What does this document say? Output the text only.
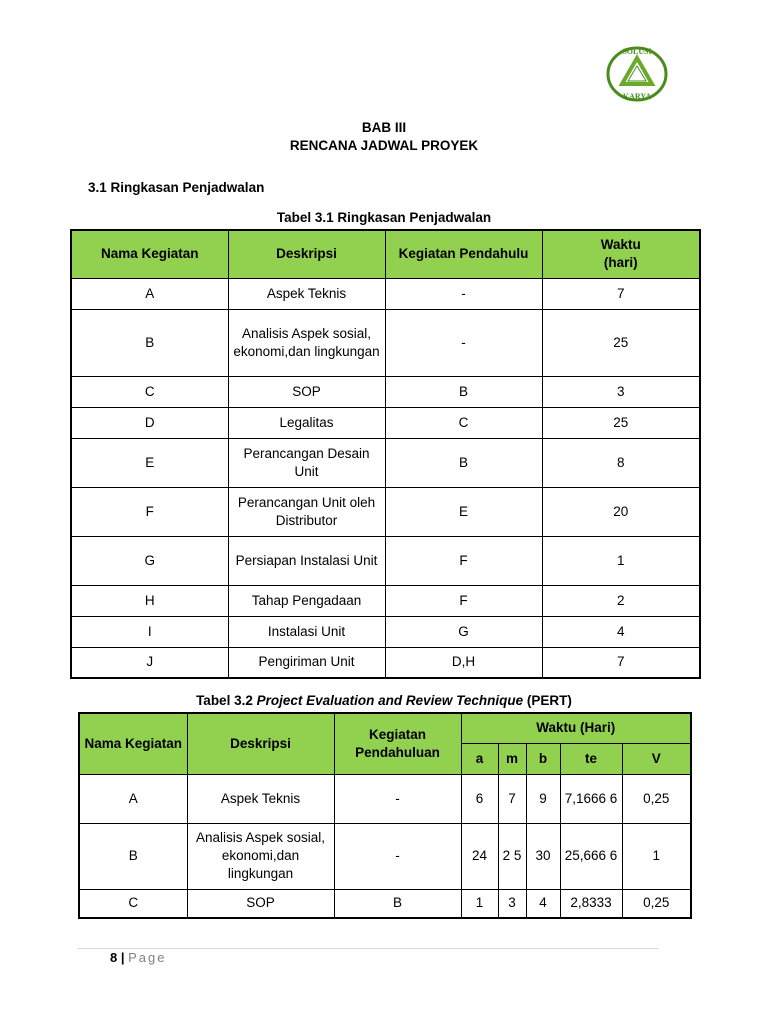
SOLUSI
KARYA
BAB III
RENCANA JADWAL PROYEK
3.1 Ringkasan Penjadwalan
Tabel 3.1 Ringkasan Penjadwalan
Nama Kegiatan	Deskripsi	Kegiatan Pendahulu	Waktu
(hari)
A	Aspek Teknis	-	7
B	Analisis Aspek sosial, ekonomi,dan lingkungan	-	25
C	SOP	B	3
D	Legalitas	C	25
E	Perancangan Desain Unit	B	8
F	Perancangan Unit oleh Distributor	E	20
G	Persiapan Instalasi Unit	F	1
H	Tahap Pengadaan	F	2
I	Instalasi Unit	G	4
J	Pengiriman Unit	D,H	7
Tabel 3.2 Project Evaluation and Review Technique (PERT)
Nama Kegiatan	Deskripsi	Kegiatan Pendahuluan	Waktu (Hari)				
			a	m	b	te	V
A	Aspek Teknis	-	6	7	9	7,1666 6	0,25
B	Analisis Aspek sosial, ekonomi,dan lingkungan	-	24	2 5	30	25,666 6	1
C	SOP	B	1	3	4	2,8333	0,25
8 | Page
